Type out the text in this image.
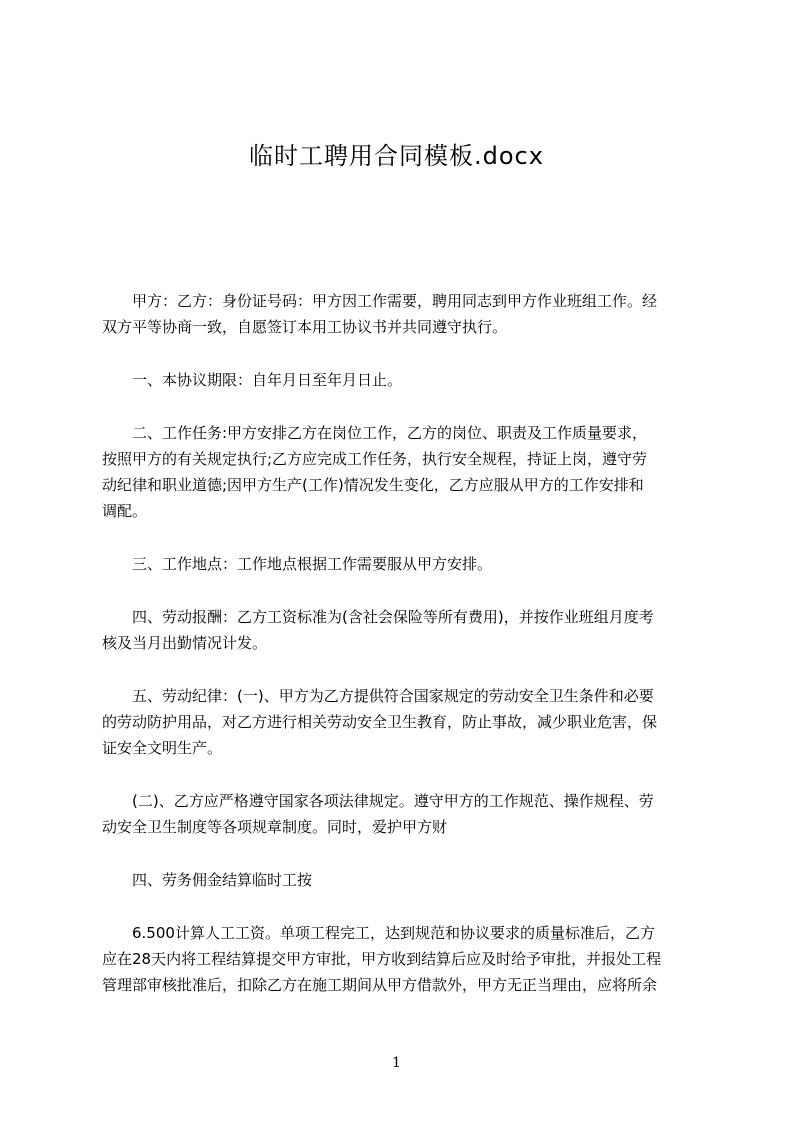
临时工聘用合同模板.docx

　　甲方：乙方：身份证号码：甲方因工作需要，聘用同志到甲方作业班组工作。经
双方平等协商一致，自愿签订本用工协议书并共同遵守执行。

　　一、本协议期限：自年月日至年月日止。

　　二、工作任务:甲方安排乙方在岗位工作，乙方的岗位、职责及工作质量要求，
按照甲方的有关规定执行;乙方应完成工作任务，执行安全规程，持证上岗，遵守劳
动纪律和职业道德;因甲方生产(工作)情况发生变化，乙方应服从甲方的工作安排和
调配。

　　三、工作地点：工作地点根据工作需要服从甲方安排。

　　四、劳动报酬：乙方工资标准为(含社会保险等所有费用)，并按作业班组月度考
核及当月出勤情况计发。

　　五、劳动纪律：(一)、甲方为乙方提供符合国家规定的劳动安全卫生条件和必要
的劳动防护用品，对乙方进行相关劳动安全卫生教育，防止事故，减少职业危害，保
证安全文明生产。

　　(二)、乙方应严格遵守国家各项法律规定。遵守甲方的工作规范、操作规程、劳
动安全卫生制度等各项规章制度。同时，爱护甲方财

　　四、劳务佣金结算临时工按

　　6.500计算人工工资。单项工程完工，达到规范和协议要求的质量标准后，乙方
应在28天内将工程结算提交甲方审批，甲方收到结算后应及时给予审批，并报处工程
管理部审核批准后，扣除乙方在施工期间从甲方借款外，甲方无正当理由，应将所余

1
